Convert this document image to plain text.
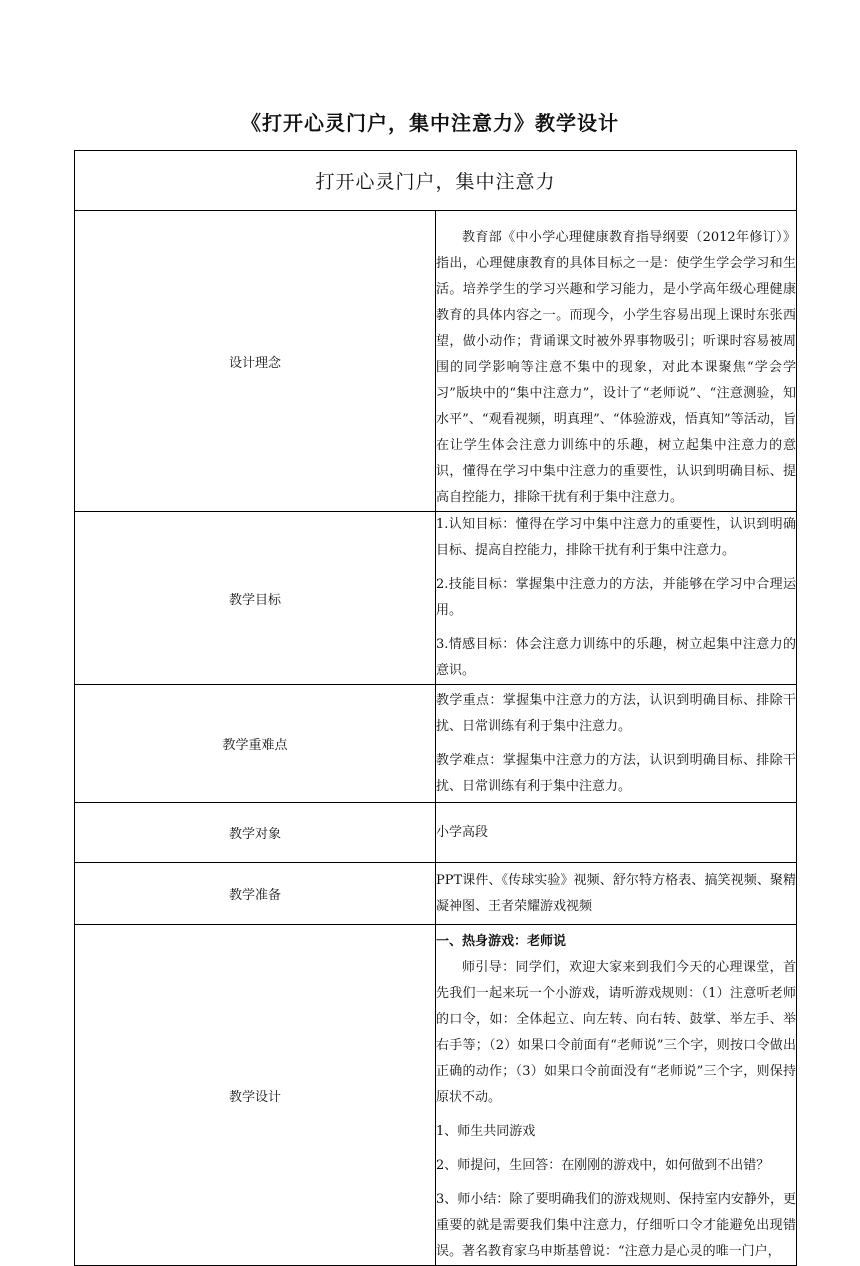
《打开心灵门户，集中注意力》教学设计
打开心灵门户，集中注意力	
设计理念	教育部《中小学心理健康教育指导纲要（2012年修订）》指出，心理健康教育的具体目标之一是：使学生学会学习和生活。培养学生的学习兴趣和学习能力，是小学高年级心理健康教育的具体内容之一。而现今，小学生容易出现上课时东张西望，做小动作；背诵课文时被外界事物吸引；听课时容易被周围的同学影响等注意不集中的现象，对此本课聚焦“学会学习”版块中的“集中注意力”，设计了“老师说”、“注意测验，知水平”、“观看视频，明真理”、“体验游戏，悟真知”等活动，旨在让学生体会注意力训练中的乐趣，树立起集中注意力的意识，懂得在学习中集中注意力的重要性，认识到明确目标、提高自控能力，排除干扰有利于集中注意力。

教学目标	1.认知目标：懂得在学习中集中注意力的重要性，认识到明确目标、提高自控能力，排除干扰有利于集中注意力。

2.技能目标：掌握集中注意力的方法，并能够在学习中合理运用。

3.情感目标：体会注意力训练中的乐趣，树立起集中注意力的意识。

教学重难点	教学重点：掌握集中注意力的方法，认识到明确目标、排除干扰、日常训练有利于集中注意力。

教学难点：掌握集中注意力的方法，认识到明确目标、排除干扰、日常训练有利于集中注意力。

教学对象	小学高段
教学准备	PPT课件、《传球实验》视频、舒尔特方格表、搞笑视频、聚精凝神图、王者荣耀游戏视频
教学设计	一、热身游戏：老师说

师引导：同学们，欢迎大家来到我们今天的心理课堂，首先我们一起来玩一个小游戏，请听游戏规则：（1）注意听老师的口令，如：全体起立、向左转、向右转、鼓掌、举左手、举右手等；（2）如果口令前面有“老师说”三个字，则按口令做出正确的动作；（3）如果口令前面没有“老师说”三个字，则保持原状不动。

1、师生共同游戏

2、师提问，生回答：在刚刚的游戏中，如何做到不出错？

3、师小结：除了要明确我们的游戏规则、保持室内安静外，更重要的就是需要我们集中注意力，仔细听口令才能避免出现错误。著名教育家乌申斯基曾说：“注意力是心灵的唯一门户，
